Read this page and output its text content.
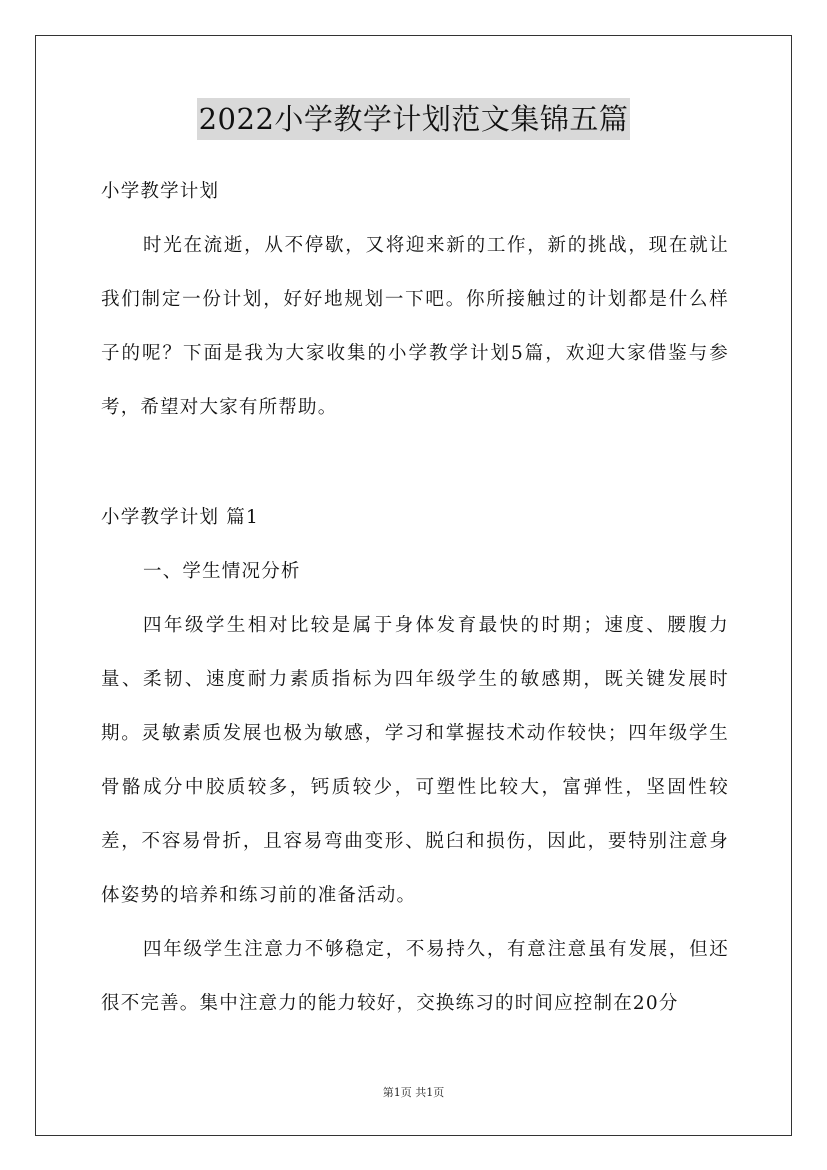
2022小学教学计划范文集锦五篇

小学教学计划

时光在流逝，从不停歇，又将迎来新的工作，新的挑战，现在就让我们制定一份计划，好好地规划一下吧。你所接触过的计划都是什么样子的呢？下面是我为大家收集的小学教学计划5篇，欢迎大家借鉴与参考，希望对大家有所帮助。

小学教学计划 篇1

一、学生情况分析

四年级学生相对比较是属于身体发育最快的时期；速度、腰腹力量、柔韧、速度耐力素质指标为四年级学生的敏感期，既关键发展时期。灵敏素质发展也极为敏感，学习和掌握技术动作较快；四年级学生骨骼成分中胶质较多，钙质较少，可塑性比较大，富弹性，坚固性较差，不容易骨折，且容易弯曲变形、脱臼和损伤，因此，要特别注意身体姿势的培养和练习前的准备活动。

四年级学生注意力不够稳定，不易持久，有意注意虽有发展，但还很不完善。集中注意力的能力较好，交换练习的时间应控制在20分

第1页 共1页
